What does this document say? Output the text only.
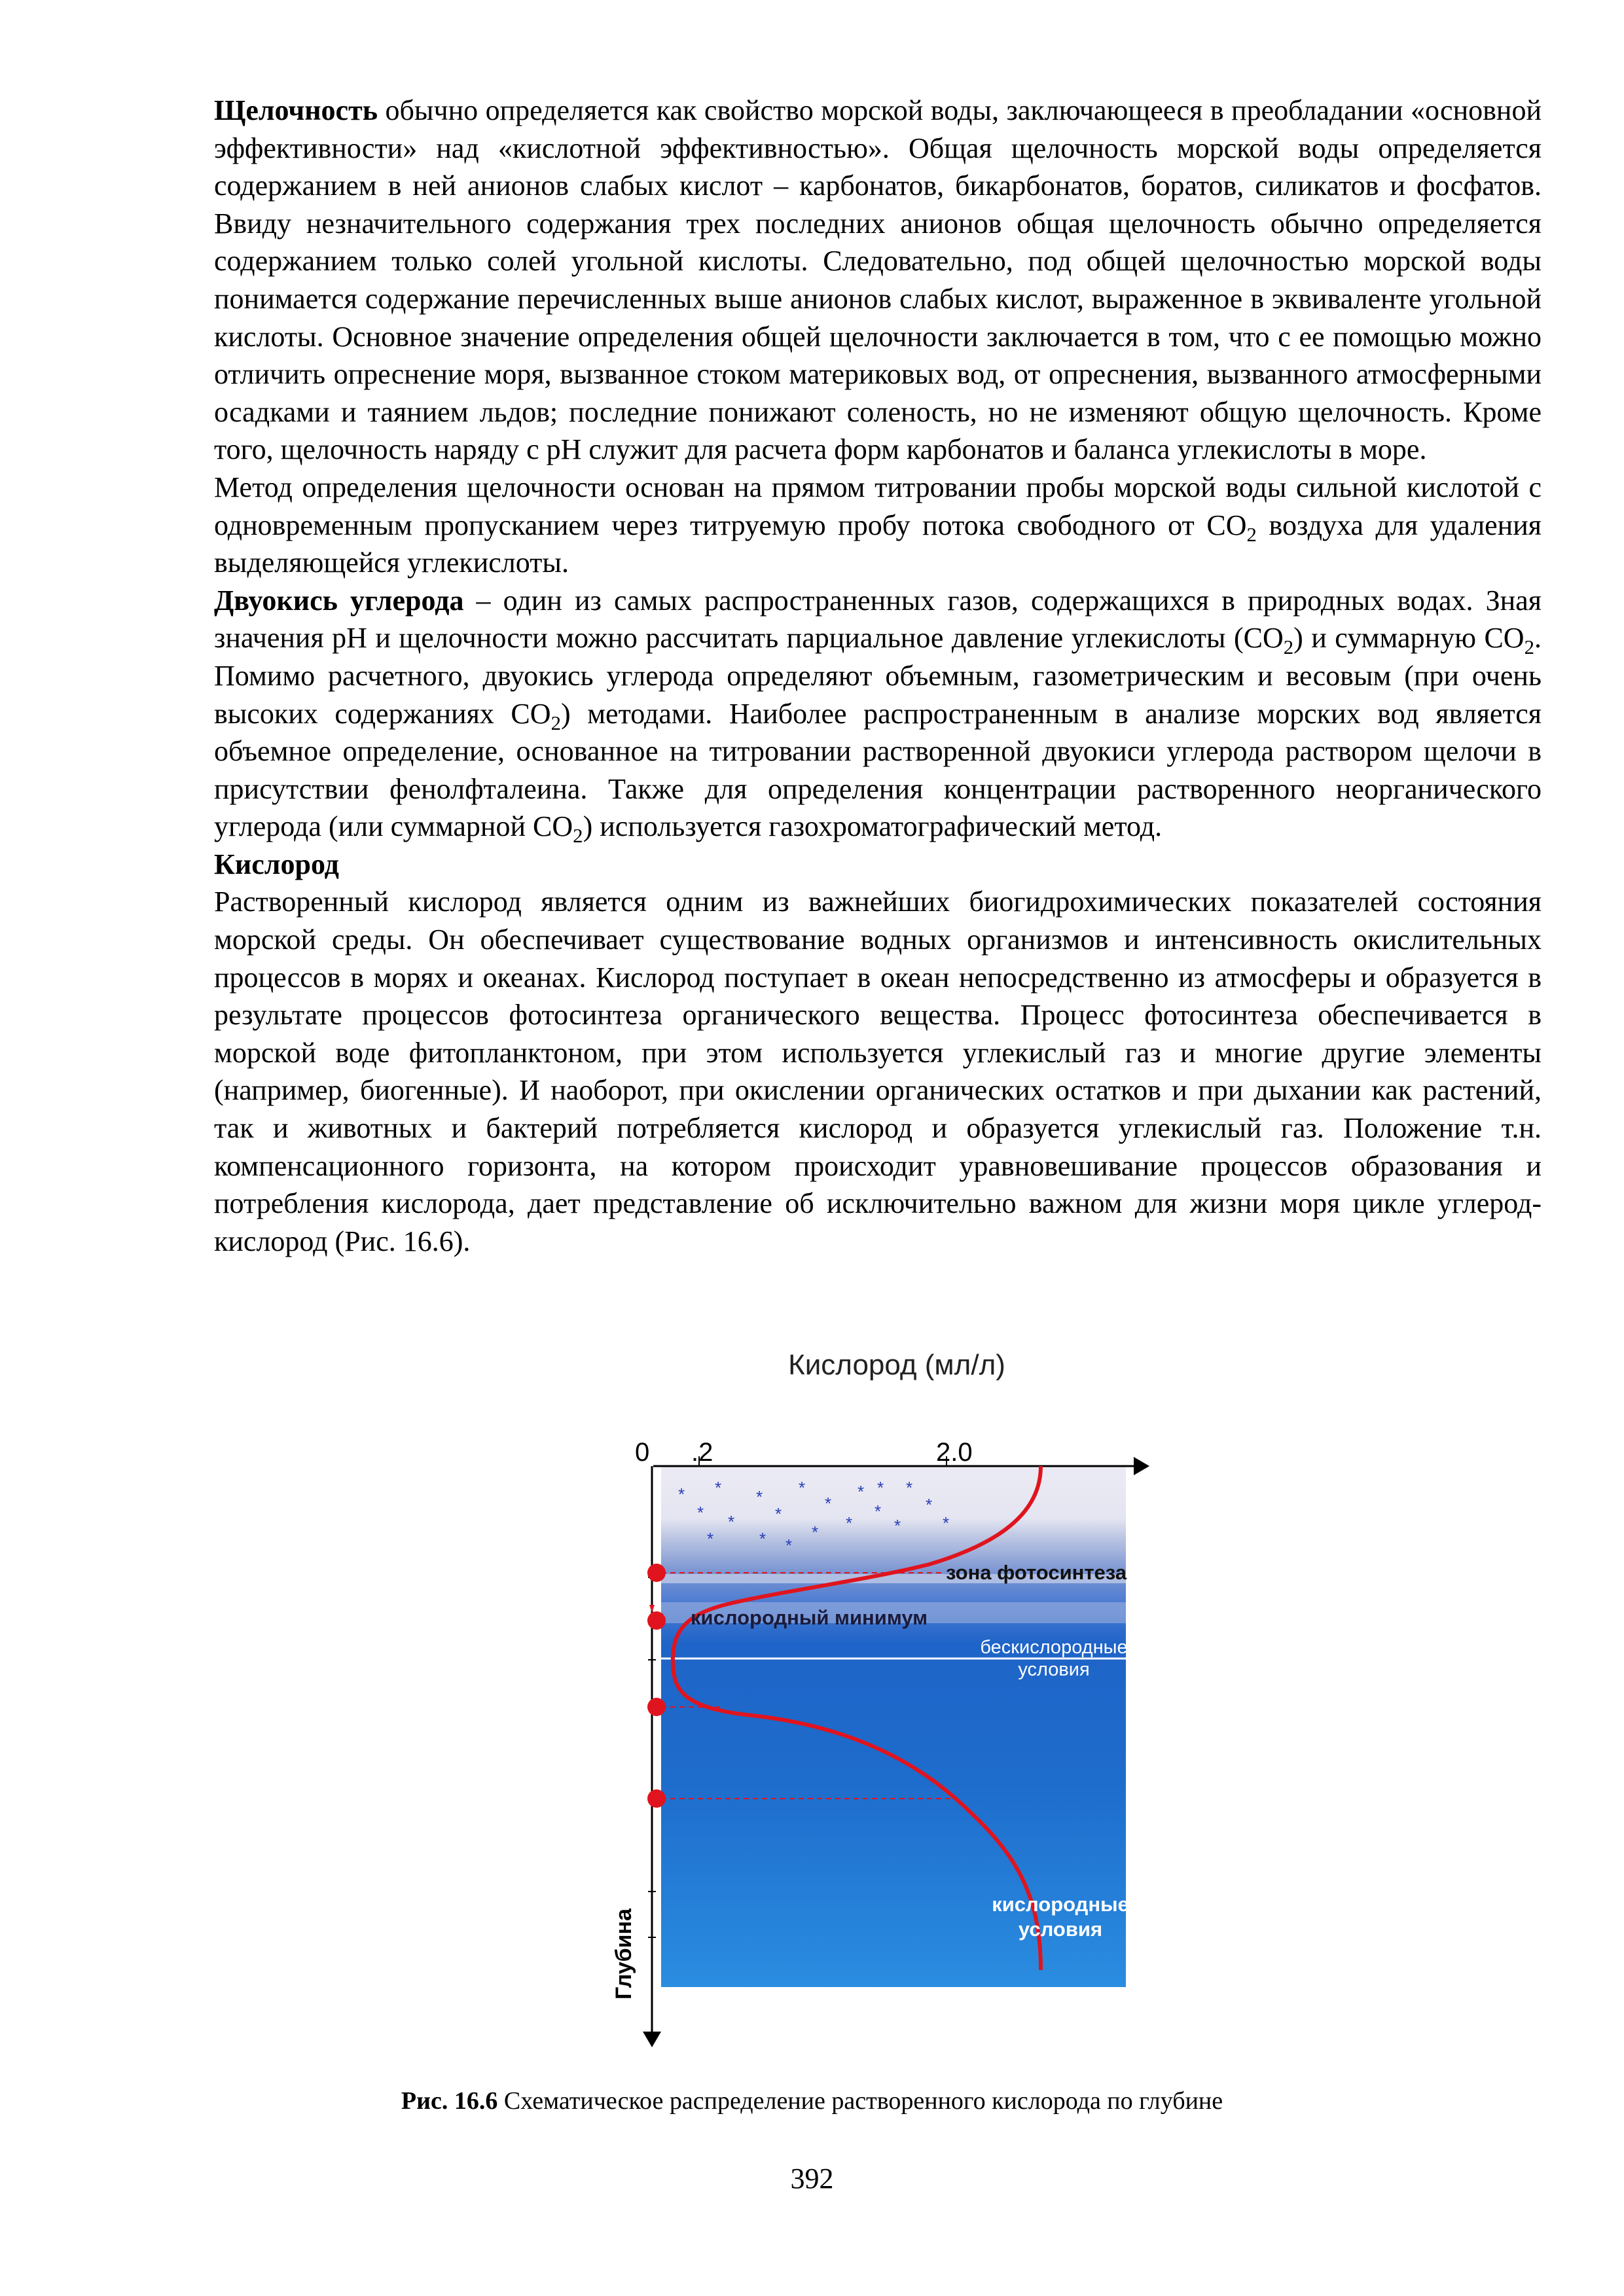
Щелочность обычно определяется как свойство морской воды, заключающееся в преобладании «основной эффективности» над «кислотной эффективностью». Общая щелочность морской воды определяется содержанием в ней анионов слабых кислот – карбонатов, бикарбонатов, боратов, силикатов и фосфатов. Ввиду незначительного содержания трех последних анионов общая щелочность обычно определяется содержанием только солей угольной кислоты. Следовательно, под общей щелочностью морской воды понимается содержание перечисленных выше анионов слабых кислот, выраженное в эквиваленте угольной кислоты. Основное значение определения общей щелочности заключается в том, что с ее помощью можно отличить опреснение моря, вызванное стоком материковых вод, от опреснения, вызванного атмосферными осадками и таянием льдов; последние понижают соленость, но не изменяют общую щелочность. Кроме того, щелочность наряду с pH служит для расчета форм карбонатов и баланса углекислоты в море.

Метод определения щелочности основан на прямом титровании пробы морской воды сильной кислотой с одновременным пропусканием через титруемую пробу потока свободного от $CO_2$ воздуха для удаления выделяющейся углекислоты.

Двуокись углерода – один из самых распространенных газов, содержащихся в природных водах. Зная значения pH и щелочности можно рассчитать парциальное давление углекислоты $(CO_2)$ и суммарную $CO_2$. Помимо расчетного, двуокись углерода определяют объемным, газометрическим и весовым (при очень высоких содержаниях $CO_2$) методами. Наиболее распространенным в анализе морских вод является объемное определение, основанное на титровании растворенной двуокиси углерода раствором щелочи в присутствии фенолфталеина. Также для определения концентрации растворенного неорганического углерода (или суммарной $CO_2$) используется газохроматографический метод.

Кислород

Растворенный кислород является одним из важнейших биогидрохимических показателей состояния морской среды. Он обеспечивает существование водных организмов и интенсивность окислительных процессов в морях и океанах. Кислород поступает в океан непосредственно из атмосферы и образуется в результате процессов фотосинтеза органического вещества. Процесс фотосинтеза обеспечивается в морской воде фитопланктоном, при этом используется углекислый газ и многие другие элементы (например, биогенные). И наоборот, при окислении органических остатков и при дыхании как растений, так и животных и бактерий потребляется кислород и образуется углекислый газ. Положение т.н. компенсационного горизонта, на котором происходит уравновешивание процессов образования и потребления кислорода, дает представление об исключительно важном для жизни моря цикле углерод-кислород (Рис. 16.6).

Кислород (мл/л)
0 .2	2.0
Глубина
*
*
*
*
*
*
*
*
*
*
*
*
*
*
*
*
*	*
*
*
зона фотосинтеза
кислородный минимум
бескислородные
условия
кислородные
условия
Рис. 16.6 Схематическое распределение растворенного кислорода по глубине
392
